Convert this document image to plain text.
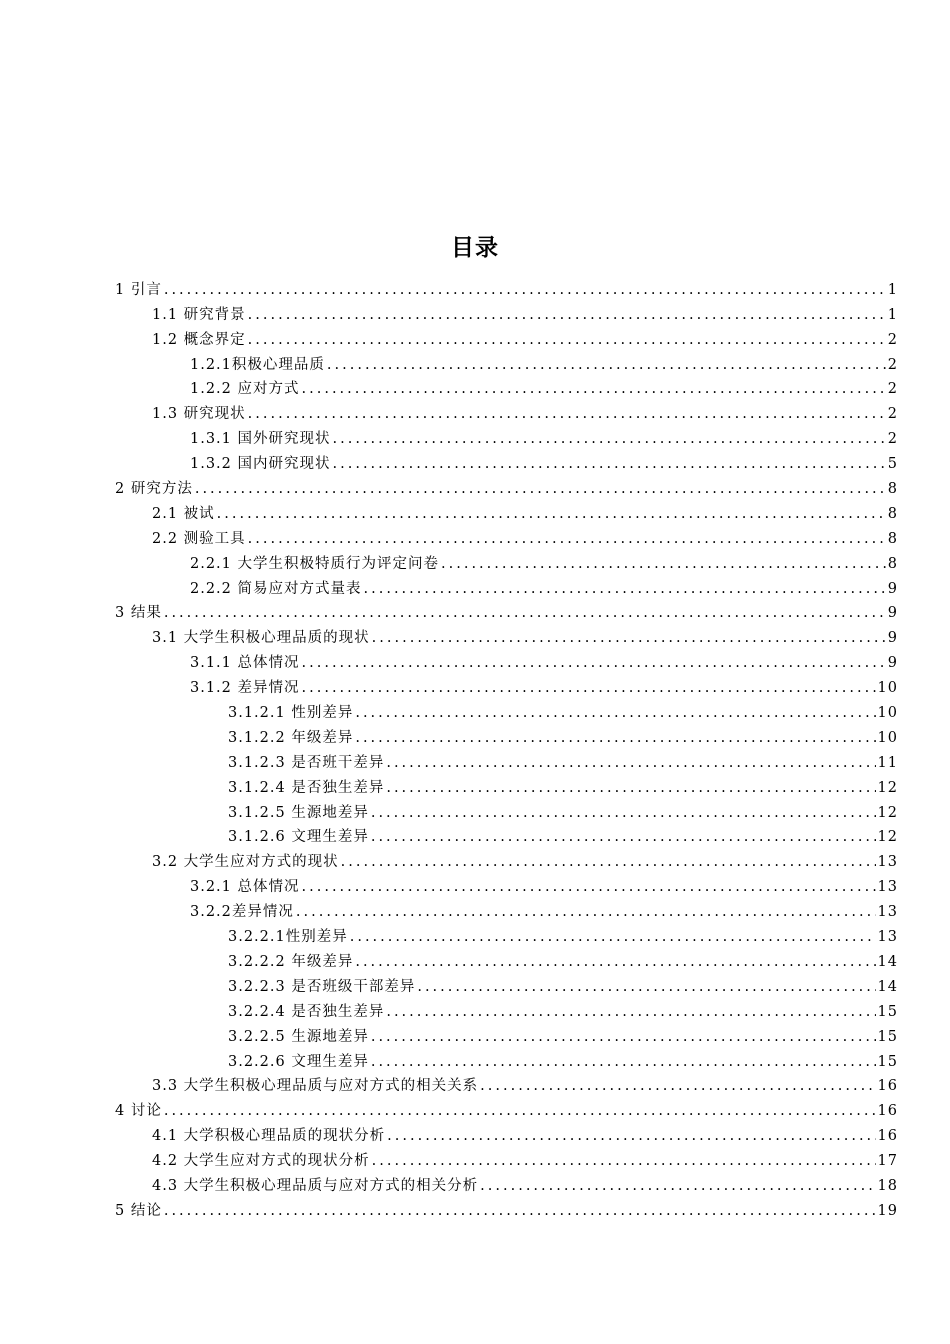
目录
1 引言 .....	1
1.1 研究背景 .....	1
1.2 概念界定 .....	2
1.2.1积极心理品质 .....	2
1.2.2 应对方式 .....	2
1.3 研究现状 .....	2
1.3.1 国外研究现状 .....	2
1.3.2 国内研究现状 .....	5
2 研究方法 .....	8
2.1 被试 .....	8
2.2 测验工具 .....	8
2.2.1 大学生积极特质行为评定问卷 .....	8
2.2.2 简易应对方式量表 .....	9
3 结果 .....	9
3.1 大学生积极心理品质的现状 .....	9
3.1.1 总体情况 .....	9
3.1.2 差异情况 .....	10
3.1.2.1 性别差异 .....	10
3.1.2.2 年级差异 .....	10
3.1.2.3 是否班干差异 .....	11
3.1.2.4 是否独生差异 .....	12
3.1.2.5 生源地差异 .....	12
3.1.2.6 文理生差异 .....	12
3.2 大学生应对方式的现状 .....	13
3.2.1 总体情况 .....	13
3.2.2差异情况 .....	13
3.2.2.1性别差异 .....	13
3.2.2.2 年级差异 .....	14
3.2.2.3 是否班级干部差异 .....	14
3.2.2.4 是否独生差异 .....	15
3.2.2.5 生源地差异 .....	15
3.2.2.6 文理生差异 .....	15
3.3 大学生积极心理品质与应对方式的相关关系 .....	16
4 讨论 .....	16
4.1 大学积极心理品质的现状分析 .....	16
4.2 大学生应对方式的现状分析 .....	17
4.3 大学生积极心理品质与应对方式的相关分析 .....	18
5 结论 .....	19
